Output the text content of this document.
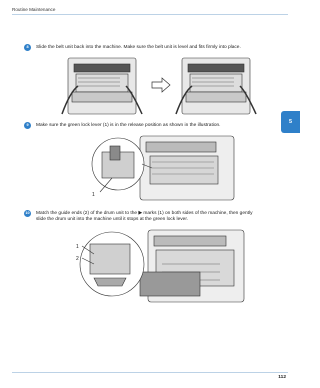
Routine Maintenance
5
8	Slide the belt unit back into the machine. Make sure the belt unit is level and fits firmly into place.
9	Make sure the green lock lever (1) is in the release position as shown in the illustration.
1
10 Match the guide ends (2) of the drum unit to the ▶ marks (1) on both sides of the machine, then gently
slide the drum unit into the machine until it stops at the green lock lever.
1
2
112
